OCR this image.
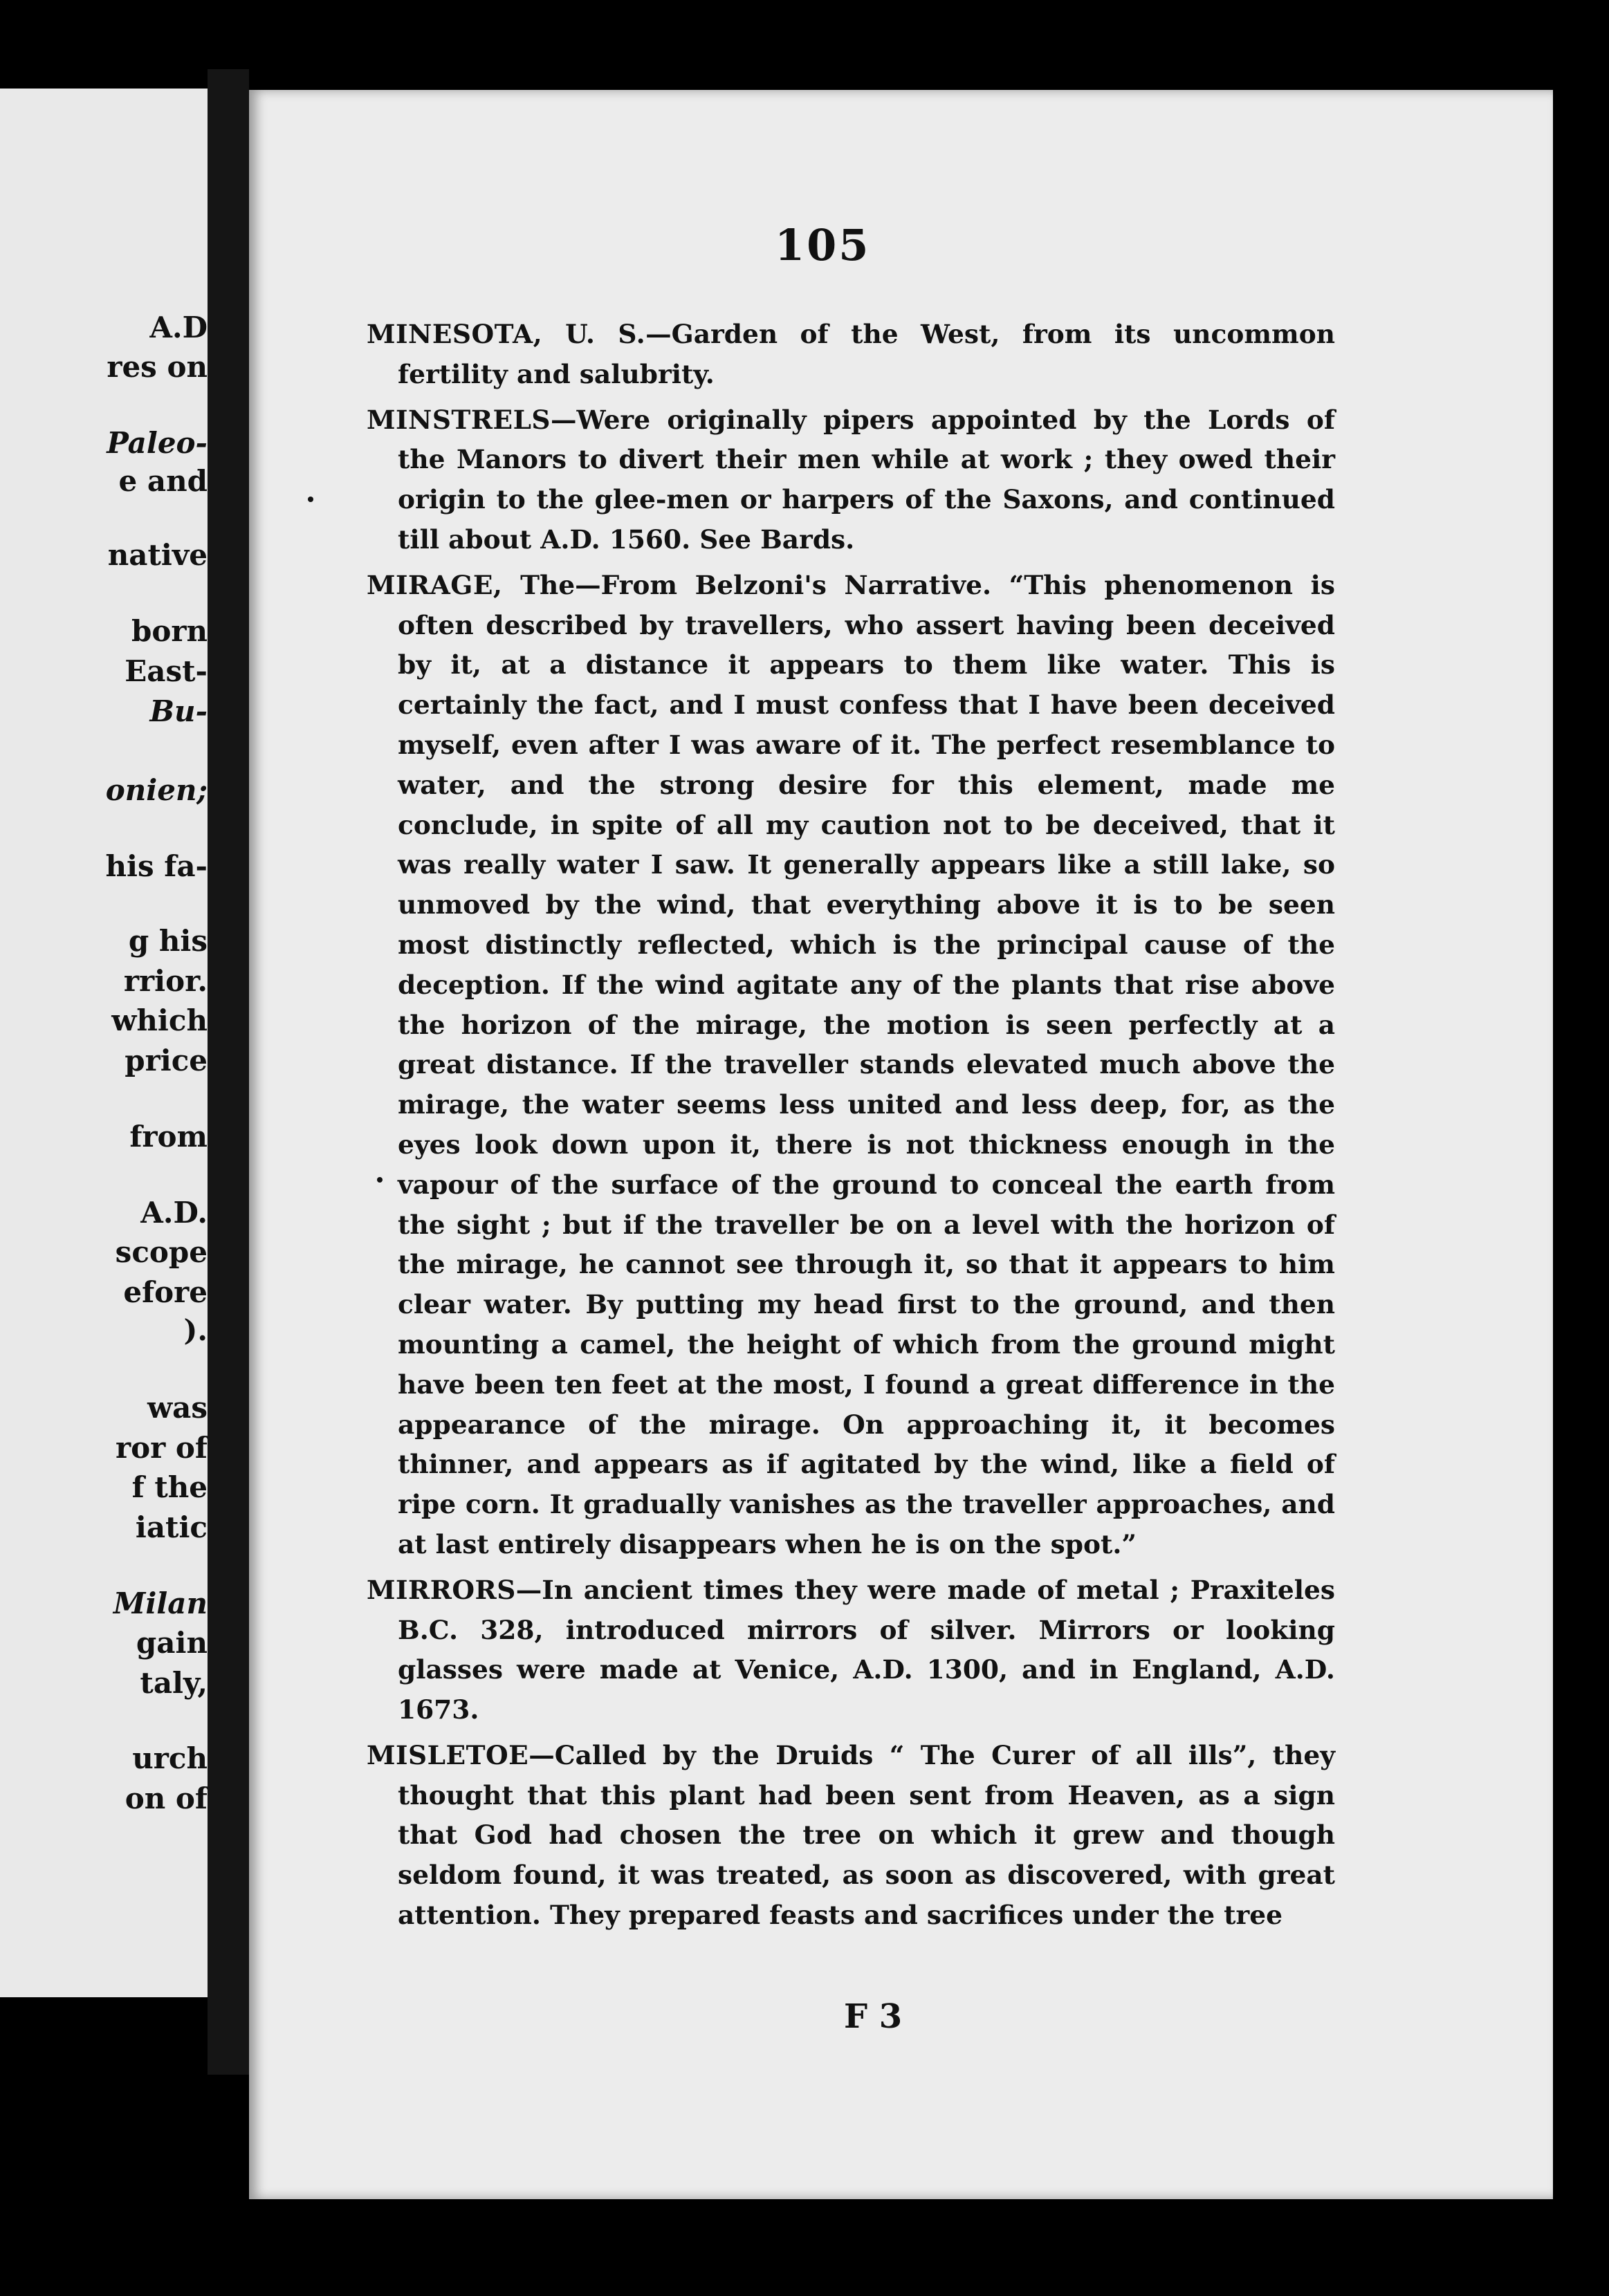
A.D
res on
Paleo-
e and
native
born
East-
Bu-
onien;
his fa-
g his
rrior.
which
price
from
A.D.
scope
efore
).
was
ror of
f the
iatic
Milan
gain
taly,
urch
on of
105

MINESOTA, U. S.—Garden of the West, from its uncommon fertility and salubrity.

MINSTRELS—Were originally pipers appointed by the Lords of the Manors to divert their men while at work ; they owed their origin to the glee-men or harpers of the Saxons, and continued till about A.D. 1560. See Bards.

MIRAGE, The—From Belzoni's Narrative. “This phenomenon is often described by travellers, who assert having been deceived by it, at a distance it appears to them like water. This is certainly the fact, and I must confess that I have been deceived myself, even after I was aware of it. The perfect resemblance to water, and the strong desire for this element, made me conclude, in spite of all my caution not to be deceived, that it was really water I saw. It generally appears like a still lake, so unmoved by the wind, that everything above it is to be seen most distinctly reflected, which is the principal cause of the deception. If the wind agitate any of the plants that rise above the horizon of the mirage, the motion is seen perfectly at a great distance. If the traveller stands elevated much above the mirage, the water seems less united and less deep, for, as the eyes look down upon it, there is not thickness enough in the vapour of the surface of the ground to conceal the earth from the sight ; but if the traveller be on a level with the horizon of the mirage, he cannot see through it, so that it appears to him clear water. By putting my head first to the ground, and then mounting a camel, the height of which from the ground might have been ten feet at the most, I found a great difference in the appearance of the mirage. On approaching it, it becomes thinner, and appears as if agitated by the wind, like a field of ripe corn. It gradually vanishes as the traveller approaches, and at last entirely disappears when he is on the spot.”

MIRRORS—In ancient times they were made of metal ; Praxiteles B.C. 328, introduced mirrors of silver. Mirrors or looking glasses were made at Venice, A.D. 1300, and in England, A.D. 1673.

MISLETOE—Called by the Druids “ The Curer of all ills”, they thought that this plant had been sent from Heaven, as a sign that God had chosen the tree on which it grew and though seldom found, it was treated, as soon as discovered, with great attention. They prepared feasts and sacrifices under the tree

F 3
